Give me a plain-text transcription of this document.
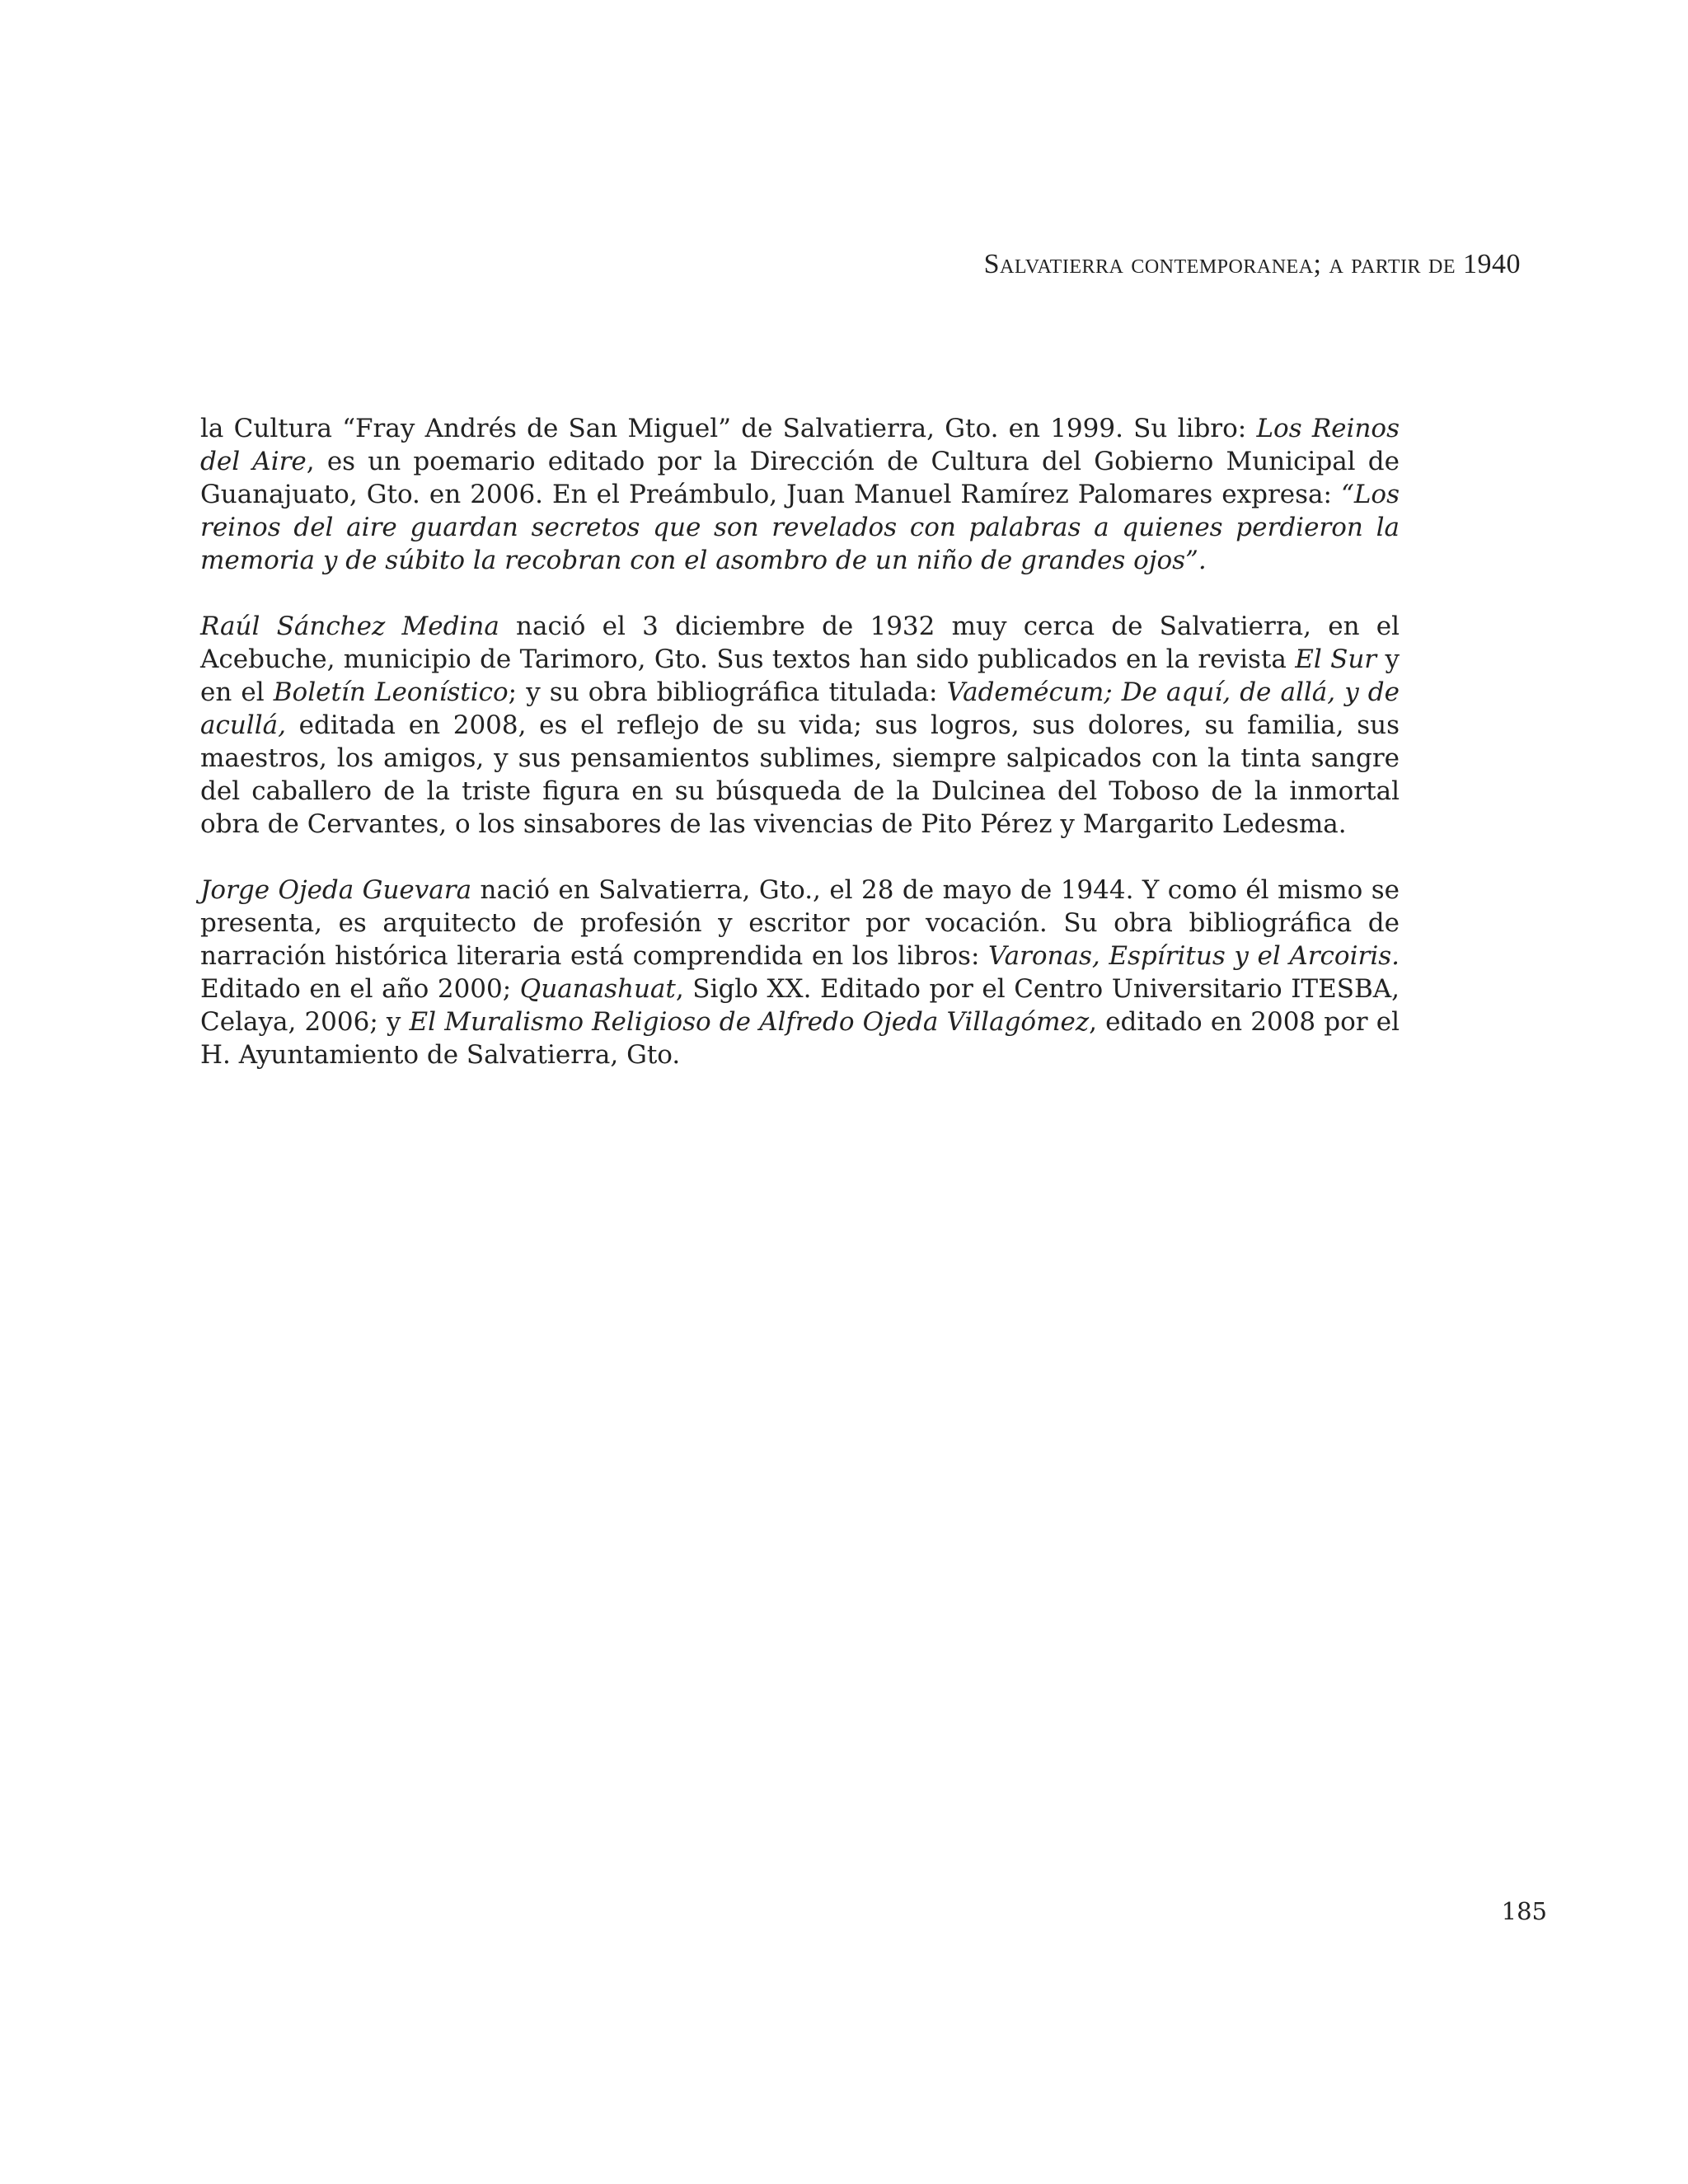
Salvatierra contemporanea; a partir de 1940

la Cultura “Fray Andrés de San Miguel” de Salvatierra, Gto. en 1999. Su libro: Los Reinos del Aire, es un poemario editado por la Dirección de Cultura del Gobierno Municipal de Guanajuato, Gto. en 2006. En el Preámbulo, Juan Manuel Ramírez Palomares expresa: “Los reinos del aire guardan secretos que son revelados con palabras a quienes perdieron la memoria y de súbito la recobran con el asombro de un niño de grandes ojos”.

Raúl Sánchez Medina nació el 3 diciembre de 1932 muy cerca de Salvatierra, en el Acebuche, municipio de Tarimoro, Gto. Sus textos han sido publicados en la revista El Sur y en el Boletín Leonístico; y su obra bibliográfica titulada: Vademécum; De aquí, de allá, y de acullá, editada en 2008, es el reflejo de su vida; sus logros, sus dolores, su familia, sus maestros, los amigos, y sus pensamientos sublimes, siempre salpicados con la tinta sangre del caballero de la triste figura en su búsqueda de la Dulcinea del Toboso de la inmortal obra de Cervantes, o los sinsabores de las vivencias de Pito Pérez y Margarito Ledesma.

Jorge Ojeda Guevara nació en Salvatierra, Gto., el 28 de mayo de 1944. Y como él mismo se presenta, es arquitecto de profesión y escritor por vocación. Su obra bibliográfica de narración histórica literaria está comprendida en los libros: Varonas, Espíritus y el Arcoiris. Editado en el año 2000; Quanashuat, Siglo XX. Editado por el Centro Universitario ITESBA, Celaya, 2006; y El Muralismo Religioso de Alfredo Ojeda Villagómez, editado en 2008 por el H. Ayuntamiento de Salvatierra, Gto.

185
